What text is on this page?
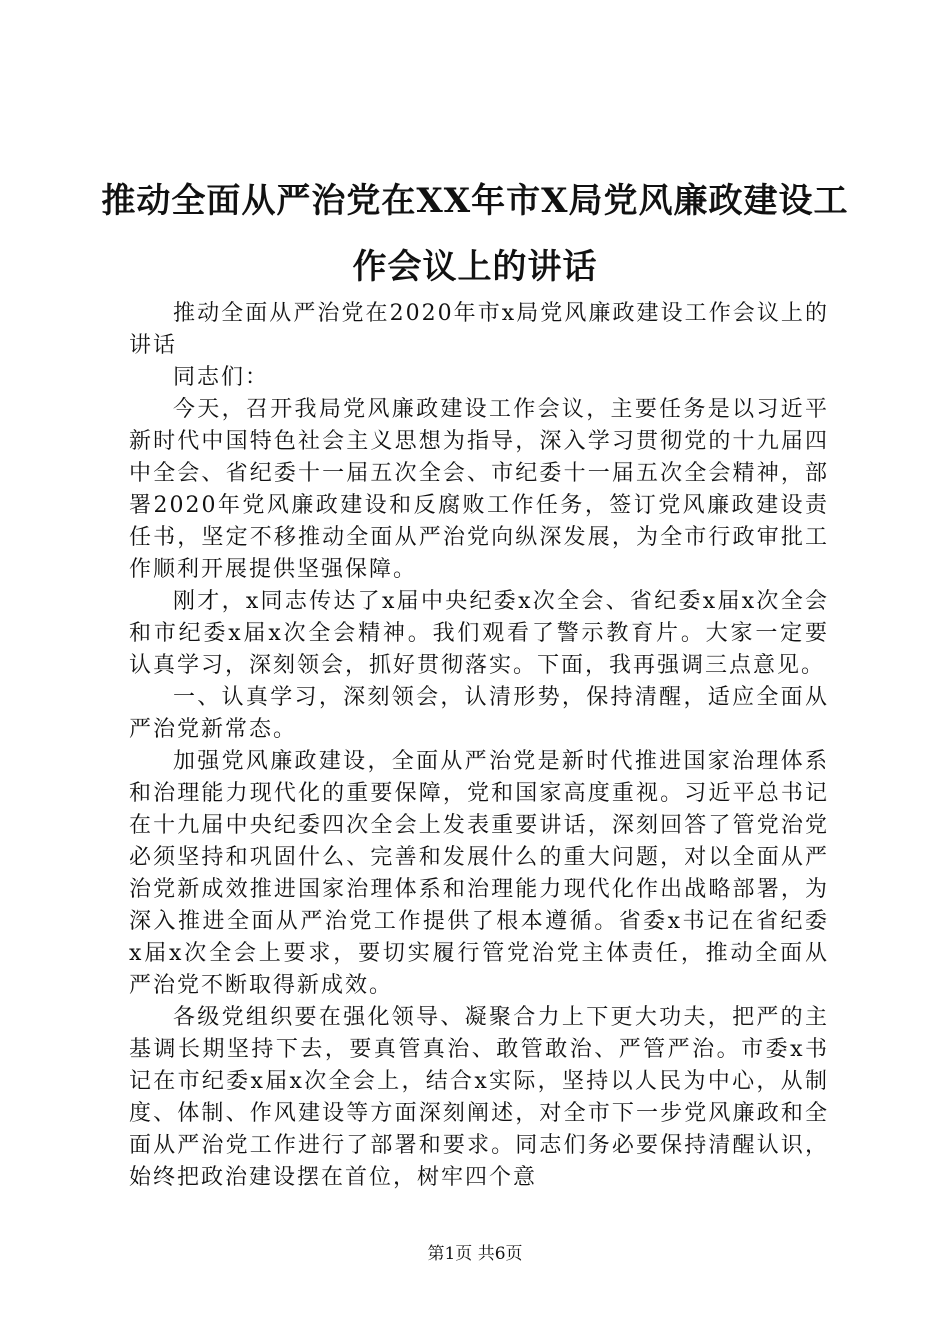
推动全面从严治党在XX年市X局党风廉政建设工作会议上的讲话

推动全面从严治党在2020年市x局党风廉政建设工作会议上的讲话

同志们：

今天，召开我局党风廉政建设工作会议，主要任务是以习近平新时代中国特色社会主义思想为指导，深入学习贯彻党的十九届四中全会、省纪委十一届五次全会、市纪委十一届五次全会精神，部署2020年党风廉政建设和反腐败工作任务，签订党风廉政建设责任书，坚定不移推动全面从严治党向纵深发展，为全市行政审批工作顺利开展提供坚强保障。

刚才，x同志传达了x届中央纪委x次全会、省纪委x届x次全会和市纪委x届x次全会精神。我们观看了警示教育片。大家一定要认真学习，深刻领会，抓好贯彻落实。下面，我再强调三点意见。

一、认真学习，深刻领会，认清形势，保持清醒，适应全面从严治党新常态。

加强党风廉政建设，全面从严治党是新时代推进国家治理体系和治理能力现代化的重要保障，党和国家高度重视。习近平总书记在十九届中央纪委四次全会上发表重要讲话，深刻回答了管党治党必须坚持和巩固什么、完善和发展什么的重大问题，对以全面从严治党新成效推进国家治理体系和治理能力现代化作出战略部署，为深入推进全面从严治党工作提供了根本遵循。省委x书记在省纪委x届x次全会上要求，要切实履行管党治党主体责任，推动全面从严治党不断取得新成效。

各级党组织要在强化领导、凝聚合力上下更大功夫，把严的主基调长期坚持下去，要真管真治、敢管敢治、严管严治。市委x书记在市纪委x届x次全会上，结合x实际，坚持以人民为中心，从制度、体制、作风建设等方面深刻阐述，对全市下一步党风廉政和全面从严治党工作进行了部署和要求。同志们务必要保持清醒认识，始终把政治建设摆在首位，树牢四个意

第1页 共6页
